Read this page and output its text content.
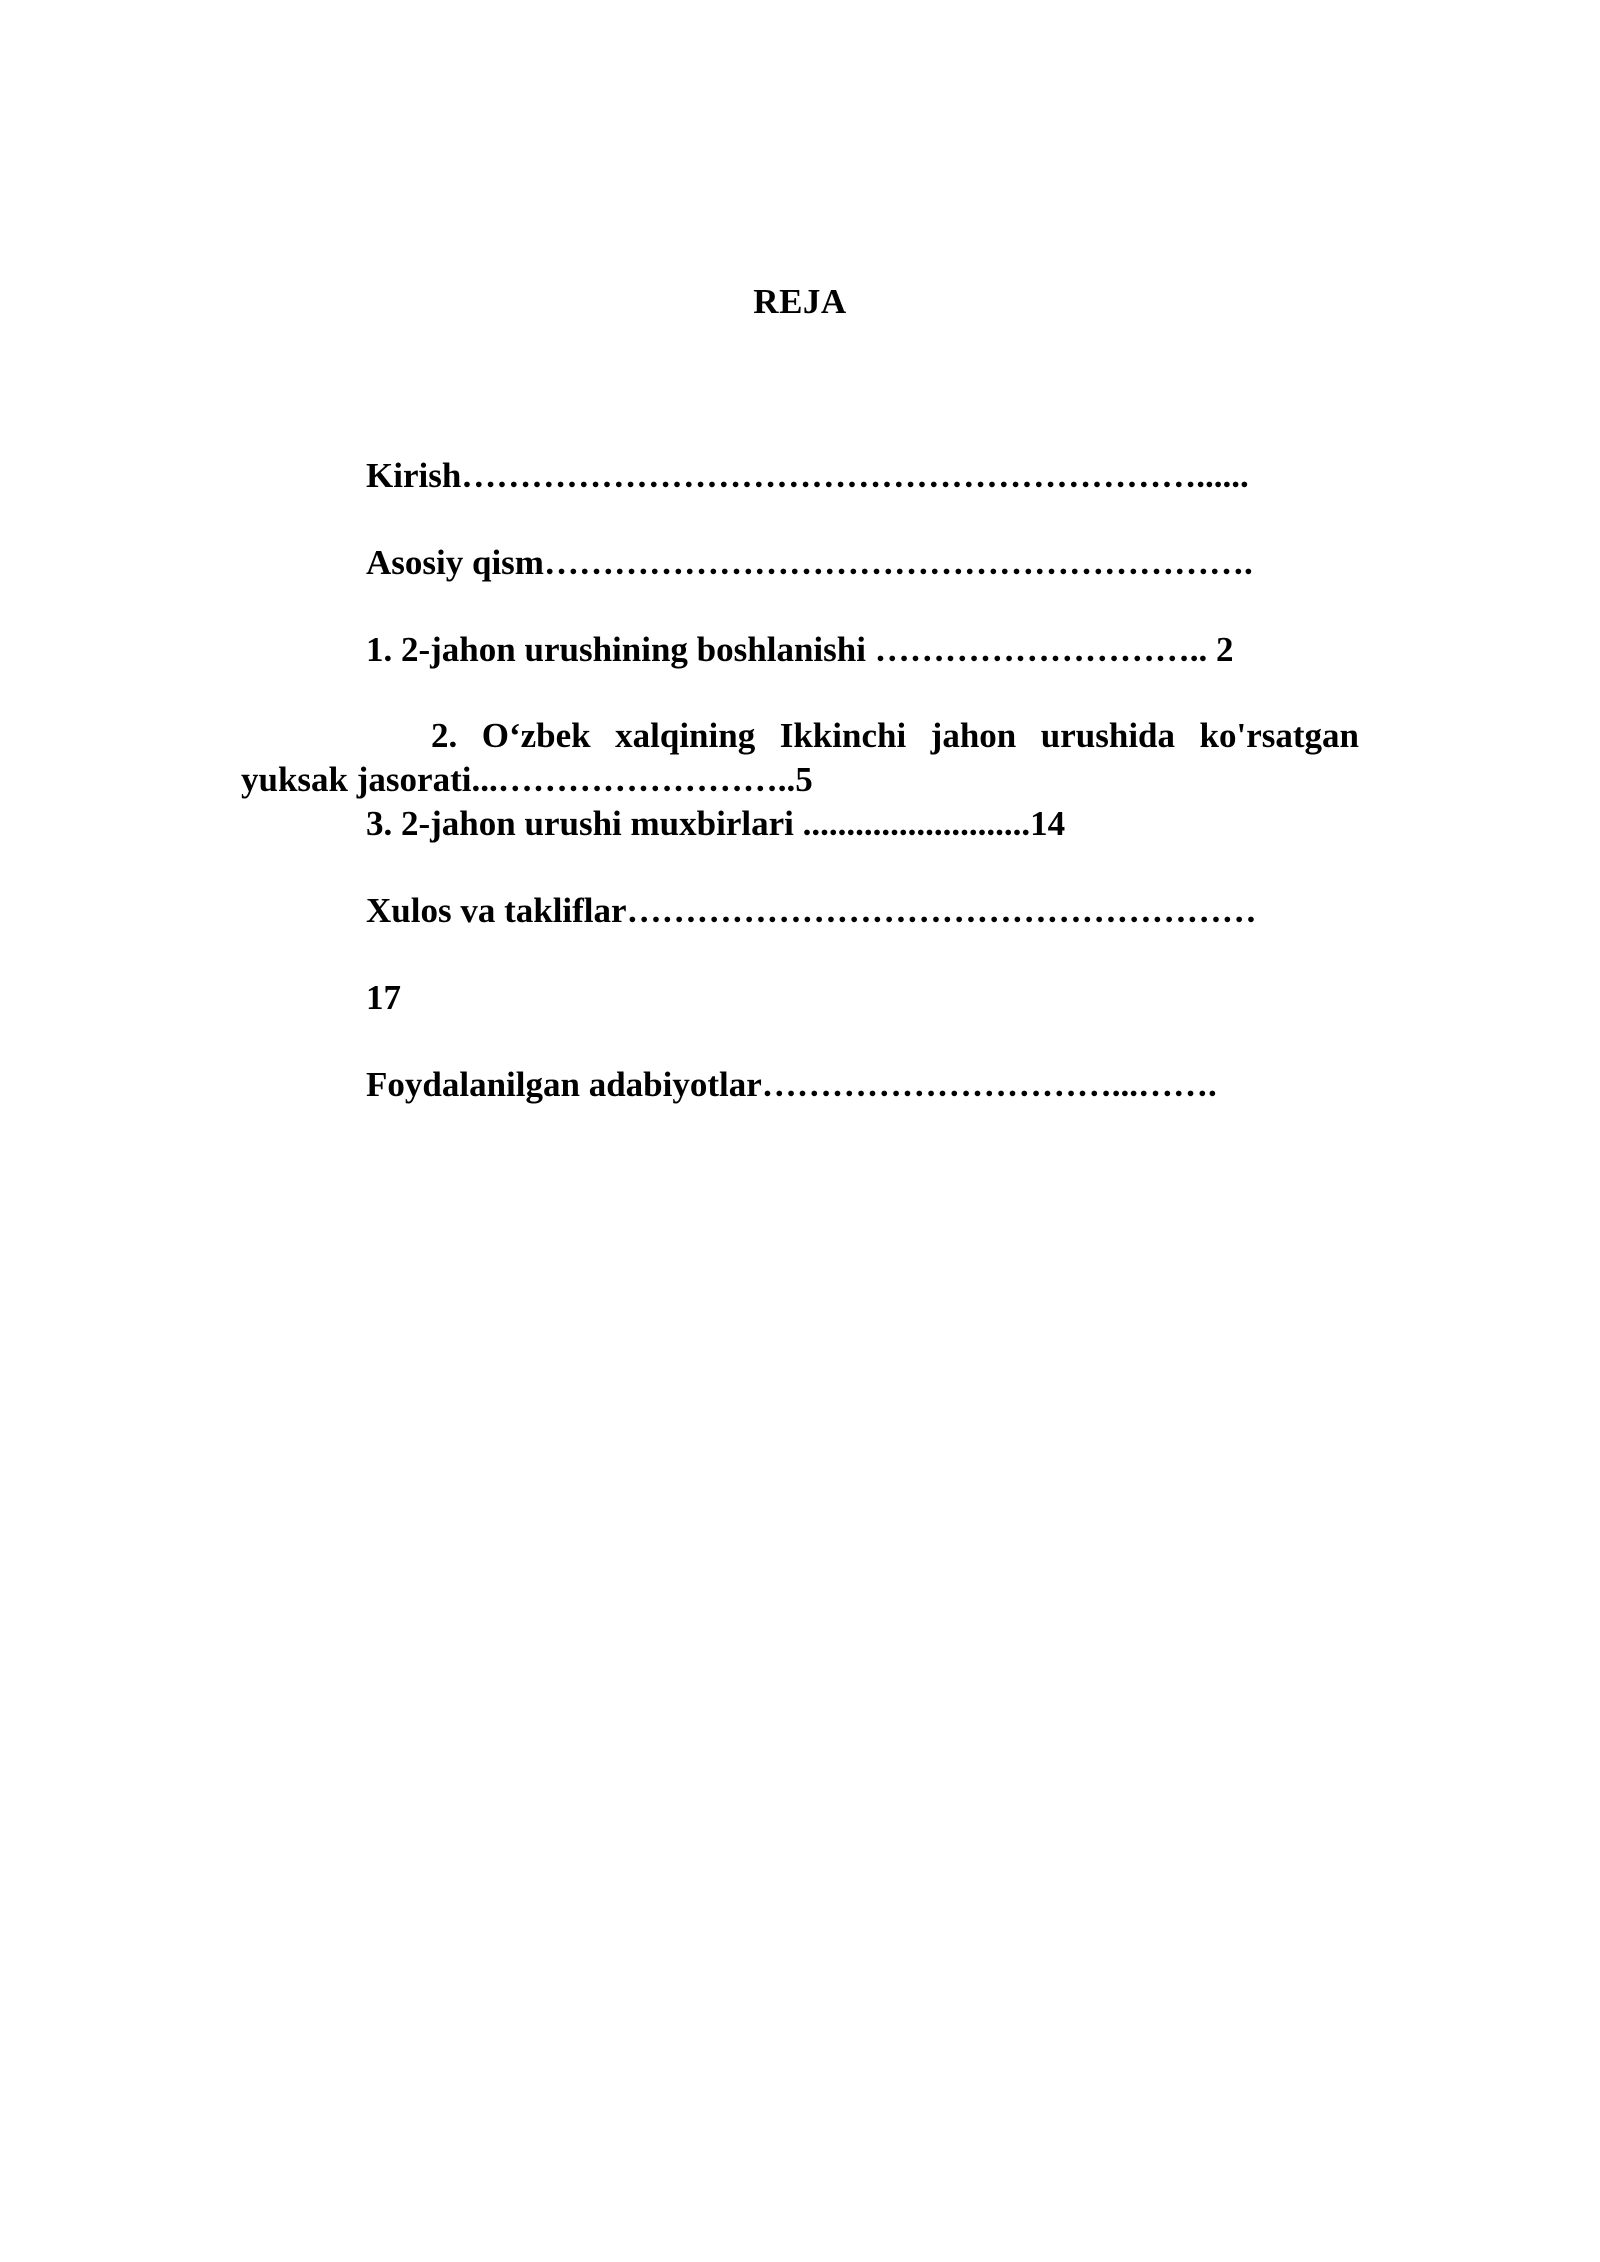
REJA
Kirish………………………………………………………......
Asosiy qism…………………………………………………….
1. 2-jahon urushining boshlanishi ……………………….. 2
2. O‘zbek xalqining Ikkinchi jahon urushida ko'rsatgan yuksak jasorati...……………………..5
3. 2-jahon urushi muxbirlari ..........................14
Xulos va takliflar………………………………………………
17
Foydalanilgan adabiyotlar…………………………...…….
